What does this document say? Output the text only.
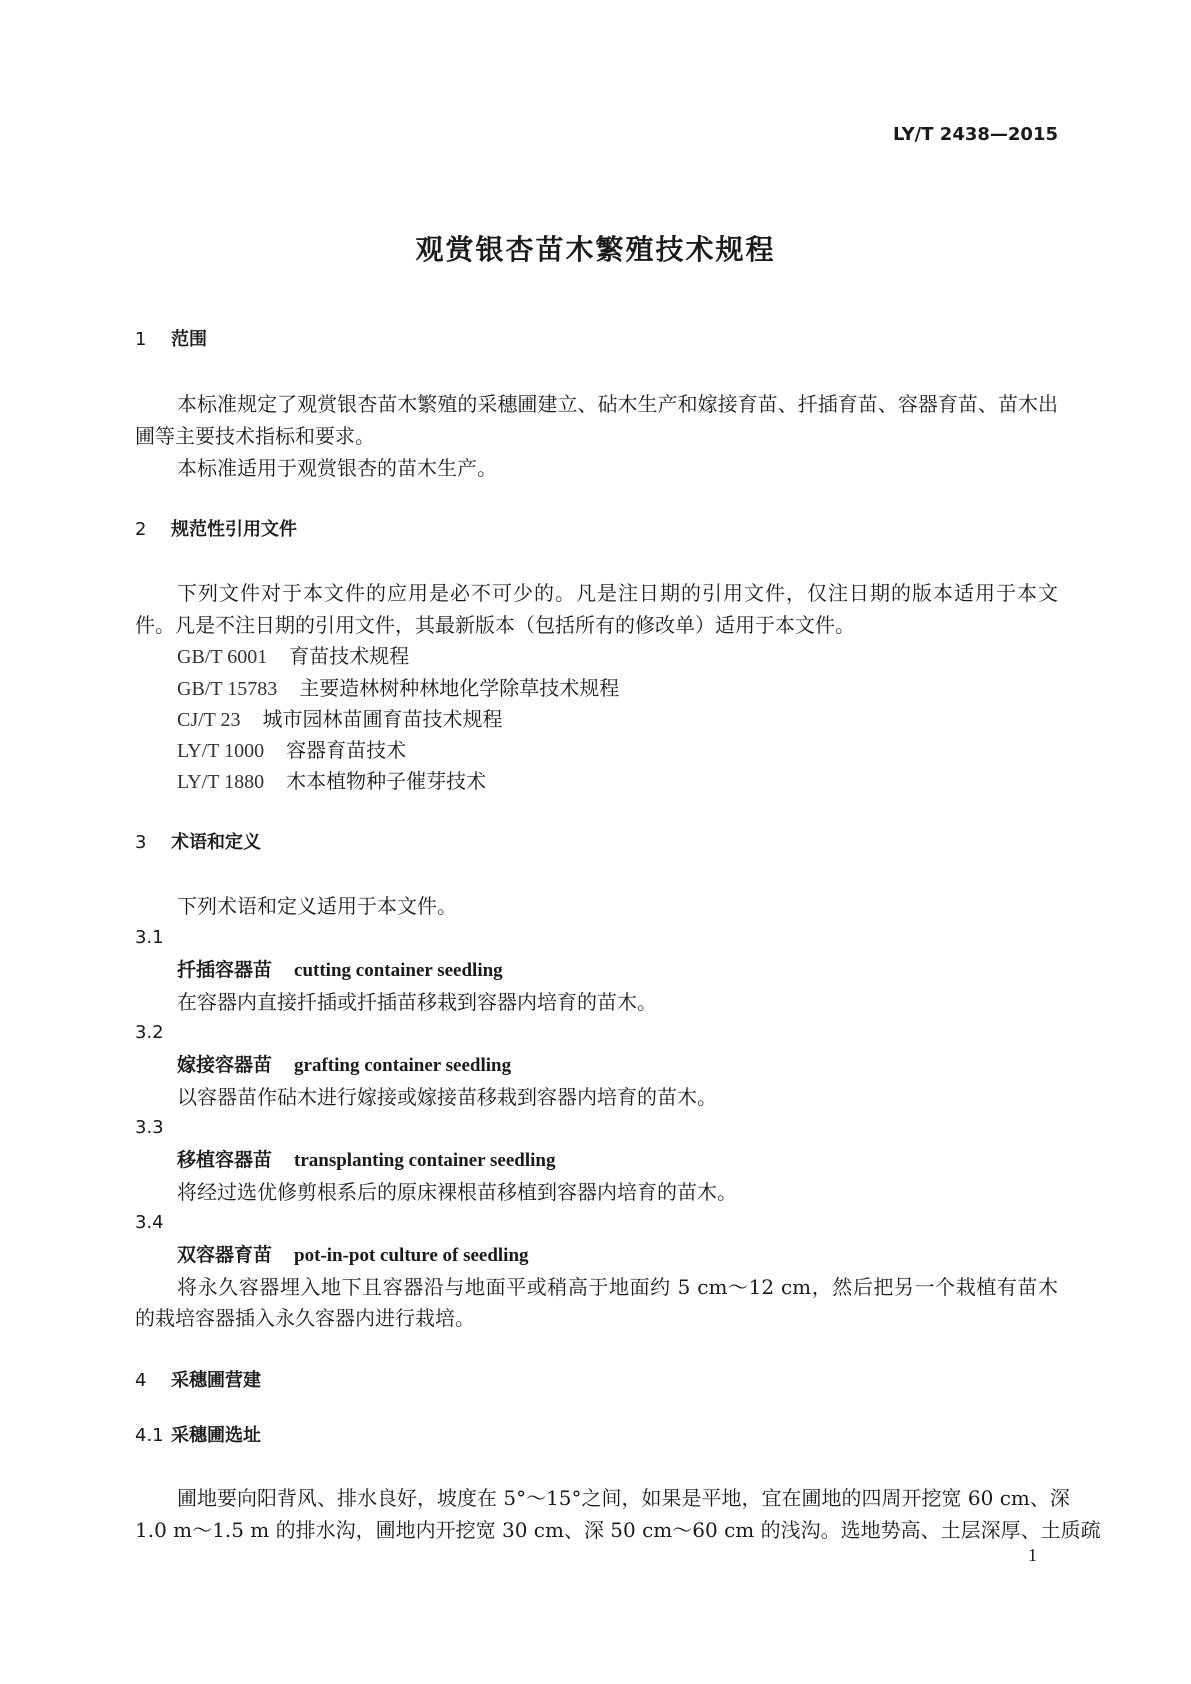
LY/T 2438—2015
观赏银杏苗木繁殖技术规程
1 范围
本标准规定了观赏银杏苗木繁殖的采穗圃建立、砧木生产和嫁接育苗、扦插育苗、容器育苗、苗木出
圃等主要技术指标和要求。
本标准适用于观赏银杏的苗木生产。
2 规范性引用文件
下列文件对于本文件的应用是必不可少的。凡是注日期的引用文件，仅注日期的版本适用于本文
件。凡是不注日期的引用文件，其最新版本（包括所有的修改单）适用于本文件。
GB/T 6001 育苗技术规程
GB/T 15783 主要造林树种林地化学除草技术规程
CJ/T 23 城市园林苗圃育苗技术规程
LY/T 1000 容器育苗技术
LY/T 1880 木本植物种子催芽技术
3 术语和定义
下列术语和定义适用于本文件。
3.1
扦插容器苗 cutting container seedling
在容器内直接扦插或扦插苗移栽到容器内培育的苗木。
3.2
嫁接容器苗 grafting container seedling
以容器苗作砧木进行嫁接或嫁接苗移栽到容器内培育的苗木。
3.3
移植容器苗 transplanting container seedling
将经过选优修剪根系后的原床裸根苗移植到容器内培育的苗木。
3.4
双容器育苗 pot-in-pot culture of seedling
将永久容器埋入地下且容器沿与地面平或稍高于地面约 5 cm～12 cm，然后把另一个栽植有苗木
的栽培容器插入永久容器内进行栽培。
4 采穗圃营建
4.1 采穗圃选址
圃地要向阳背风、排水良好，坡度在 5°～15°之间，如果是平地，宜在圃地的四周开挖宽 60 cm、深
1.0 m～1.5 m 的排水沟，圃地内开挖宽 30 cm、深 50 cm～60 cm 的浅沟。选地势高、土层深厚、土质疏
1
